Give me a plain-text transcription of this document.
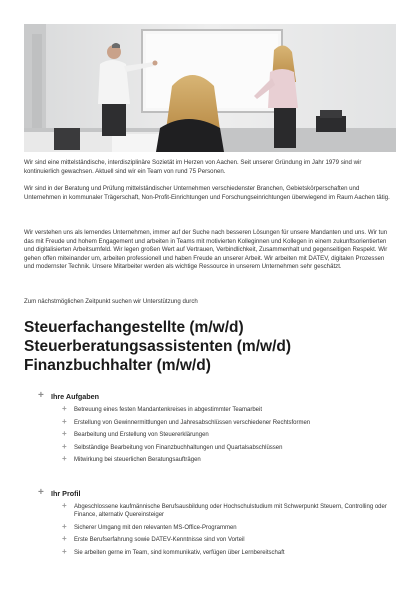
Wir sind eine mittelständische, interdisziplinäre Sozietät im Herzen von Aachen. Seit unserer Gründung im Jahr 1979 sind wir kontinuierlich gewachsen. Aktuell sind wir ein Team von rund 75 Personen.

Wir sind in der Beratung und Prüfung mittelständischer Unternehmen verschiedenster Branchen, Gebietskörperschaften und Unternehmen in kommunaler Trägerschaft, Non-Profit-Einrichtungen und Forschungseinrichtungen überwiegend im Raum Aachen tätig.

Wir verstehen uns als lernendes Unternehmen, immer auf der Suche nach besseren Lösungen für unsere Mandanten und uns. Wir tun das mit Freude und hohem Engagement und arbeiten in Teams mit motivierten Kolleginnen und Kollegen in einem zukunftsorientierten und digitalisierten Arbeitsumfeld. Wir legen großen Wert auf Vertrauen, Verbindlichkeit, Zusammenhalt und gegenseitigen Respekt. Wir gehen offen miteinander um, arbeiten professionell und haben Freude an unserer Arbeit. Wir arbeiten mit DATEV, digitalen Prozessen und modernster Technik. Unsere Mitarbeiter werden als wichtige Ressource in unserem Unternehmen sehr geschätzt.

Zum nächstmöglichen Zeitpunkt suchen wir Unterstützung durch

Steuerfachangestellte (m/w/d)
Steuerberatungsassistenten (m/w/d)
Finanzbuchhalter (m/w/d)
+ Ihre Aufgaben
+ Betreuung eines festen Mandantenkreises in abgestimmter Teamarbeit
+ Erstellung von Gewinnermittlungen und Jahresabschlüssen verschiedener Rechtsformen
+ Bearbeitung und Erstellung von Steuererklärungen
+ Selbständige Bearbeitung von Finanzbuchhaltungen und Quartalsabschlüssen
+ Mitwirkung bei steuerlichen Beratungsaufträgen
+ Ihr Profil
+ Abgeschlossene kaufmännische Berufsausbildung oder Hochschulstudium mit Schwerpunkt Steuern, Controlling oder Finance, alternativ Quereinsteiger
+ Sicherer Umgang mit den relevanten MS-Office-Programmen
+ Erste Berufserfahrung sowie DATEV-Kenntnisse sind von Vorteil
+ Sie arbeiten gerne im Team, sind kommunikativ, verfügen über Lernbereitschaft
